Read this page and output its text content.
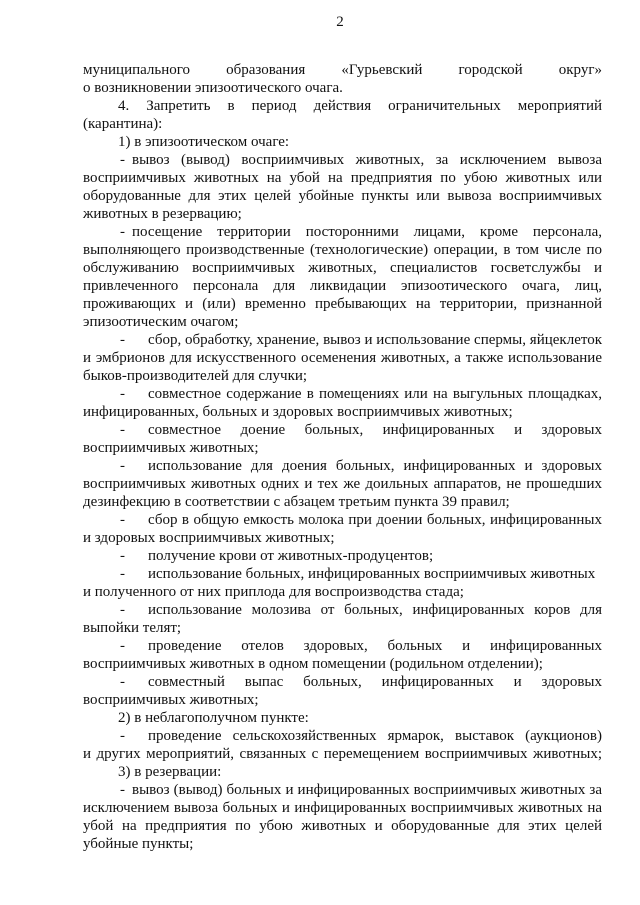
2
муниципального образования «Гурьевский городской округ»
о возникновении эпизоотического очага.
4. Запретить в период действия ограничительных мероприятий
(карантина):
1) в эпизоотическом очаге:
- вывоз (вывод) восприимчивых животных, за исключением вывоза
восприимчивых животных на убой на предприятия по убою животных или
оборудованные для этих целей убойные пункты или вывоза восприимчивых
животных в резервацию;
- посещение территории посторонними лицами, кроме персонала,
выполняющего производственные (технологические) операции, в том числе по
обслуживанию восприимчивых животных, специалистов госветслужбы и
привлеченного персонала для ликвидации эпизоотического очага, лиц,
проживающих и (или) временно пребывающих на территории, признанной
эпизоотическим очагом;
- сбор, обработку, хранение, вывоз и использование спермы, яйцеклеток
и эмбрионов для искусственного осеменения животных, а также использование
быков-производителей для случки;
- совместное содержание в помещениях или на выгульных площадках,
инфицированных, больных и здоровых восприимчивых животных;
- совместное доение больных, инфицированных и здоровых
восприимчивых животных;
- использование для доения больных, инфицированных и здоровых
восприимчивых животных одних и тех же доильных аппаратов, не прошедших
дезинфекцию в соответствии с абзацем третьим пункта 39 правил;
- сбор в общую емкость молока при доении больных, инфицированных
и здоровых восприимчивых животных;
- получение крови от животных-продуцентов;
- использование больных, инфицированных восприимчивых животных
и полученного от них приплода для воспроизводства стада;
- использование молозива от больных, инфицированных коров для
выпойки телят;
- проведение отелов здоровых, больных и инфицированных
восприимчивых животных в одном помещении (родильном отделении);
- совместный выпас больных, инфицированных и здоровых
восприимчивых животных;
2) в неблагополучном пункте:
- проведение сельскохозяйственных ярмарок, выставок (аукционов)
и других мероприятий, связанных с перемещением восприимчивых животных;
3) в резервации:
- вывоз (вывод) больных и инфицированных восприимчивых животных за
исключением вывоза больных и инфицированных восприимчивых животных на
убой на предприятия по убою животных и оборудованные для этих целей
убойные пункты;
